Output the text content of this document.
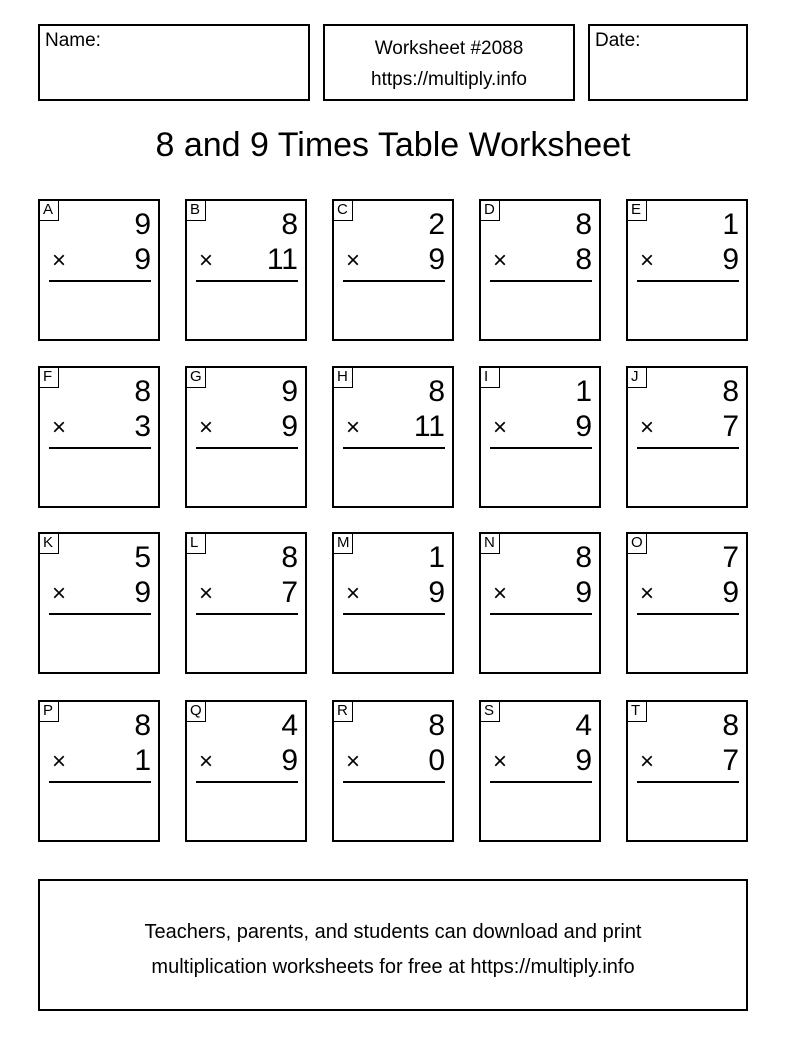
Name:	Worksheet #2088
https://multiply.info
Date:
8 and 9 Times Table Worksheet
A	9
× 9
B	8
× 11
C	2
× 9
D	8
× 8
E	1
× 9
F	8
× 3
G	9
× 9
H	8
× 11
I	1
× 9
J	8
× 7
K	5
× 9
L	8
× 7
M	1
× 9
N	8
× 9
O	7
× 9
P	8
× 1
Q	4
× 9
R	8
× 0
S	4
× 9
T	8
× 7
Teachers, parents, and students can download and print
multiplication worksheets for free at https://multiply.info
